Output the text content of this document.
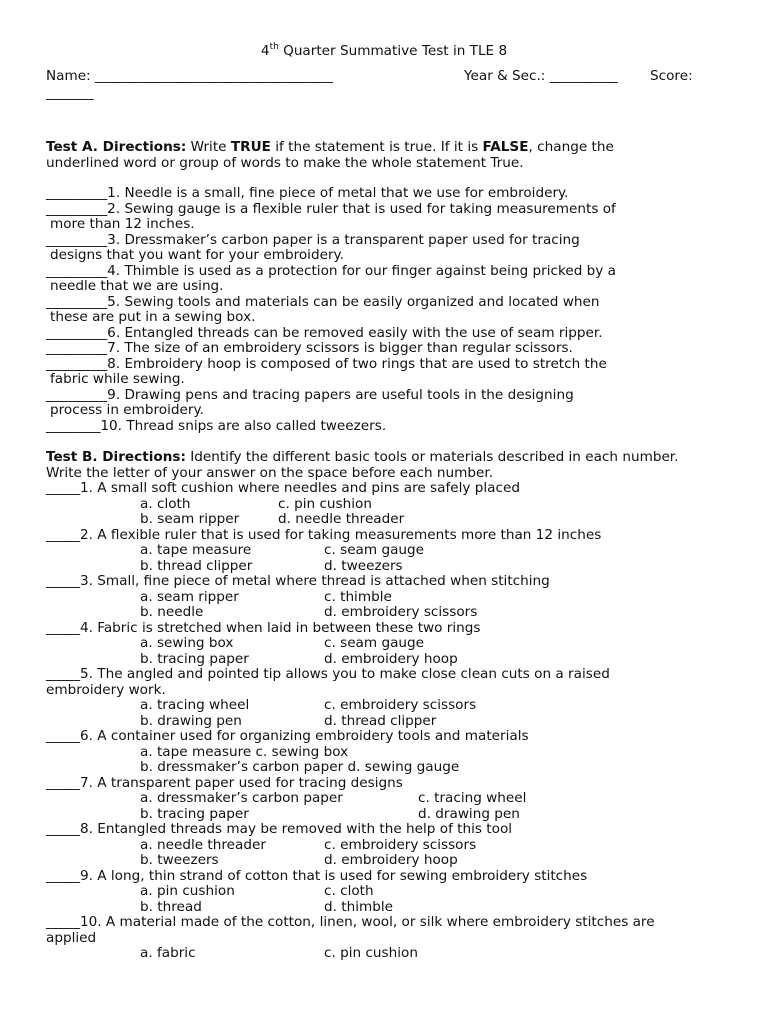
4th Quarter Summative Test in TLE 8
Name: ___________________________________	Year & Sec.: __________ Score:
_______
Test A. Directions: Write TRUE if the statement is true. If it is FALSE, change the
underlined word or group of words to make the whole statement True.
_________1. Needle is a small, fine piece of metal that we use for embroidery.
_________2. Sewing gauge is a flexible ruler that is used for taking measurements of
more than 12 inches.
_________3. Dressmaker’s carbon paper is a transparent paper used for tracing
designs that you want for your embroidery.
_________4. Thimble is used as a protection for our finger against being pricked by a
needle that we are using.
_________5. Sewing tools and materials can be easily organized and located when
these are put in a sewing box.
_________6. Entangled threads can be removed easily with the use of seam ripper.
_________7. The size of an embroidery scissors is bigger than regular scissors.
_________8. Embroidery hoop is composed of two rings that are used to stretch the
fabric while sewing.
_________9. Drawing pens and tracing papers are useful tools in the designing
process in embroidery.
________10. Thread snips are also called tweezers.
Test B. Directions: Identify the different basic tools or materials described in each number.
Write the letter of your answer on the space before each number.
_____1. A small soft cushion where needles and pins are safely placed
a. cloth	c. pin cushion
b. seam ripper	d. needle threader
_____2. A flexible ruler that is used for taking measurements more than 12 inches
a. tape measure	c. seam gauge
b. thread clipper	d. tweezers
_____3. Small, fine piece of metal where thread is attached when stitching
a. seam ripper	c. thimble
b. needle	d. embroidery scissors
_____4. Fabric is stretched when laid in between these two rings
a. sewing box	c. seam gauge
b. tracing paper	d. embroidery hoop
_____5. The angled and pointed tip allows you to make close clean cuts on a raised
embroidery work.
a. tracing wheel	c. embroidery scissors
b. drawing pen	d. thread clipper
_____6. A container used for organizing embroidery tools and materials
a. tape measure c. sewing box
b. dressmaker’s carbon paper d. sewing gauge
_____7. A transparent paper used for tracing designs
a. dressmaker’s carbon paper	c. tracing wheel
b. tracing paper	d. drawing pen
_____8. Entangled threads may be removed with the help of this tool
a. needle threader	c. embroidery scissors
b. tweezers	d. embroidery hoop
_____9. A long, thin strand of cotton that is used for sewing embroidery stitches
a. pin cushion	c. cloth
b. thread	d. thimble
_____10. A material made of the cotton, linen, wool, or silk where embroidery stitches are
applied
a. fabric	c. pin cushion
